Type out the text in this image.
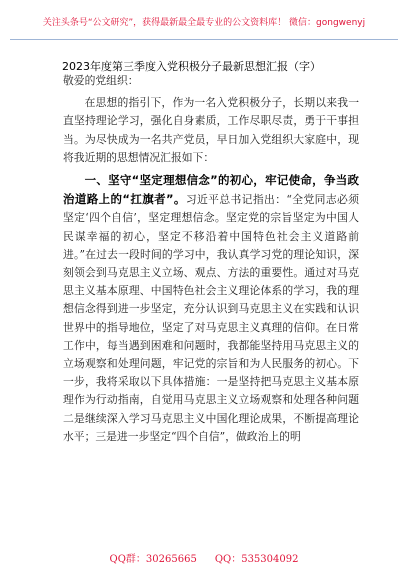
关注头条号“公文研究”，获得最新最全最专业的公文资料库！ 微信：gongwenyj
2023年度第三季度入党积极分子最新思想汇报（字）

敬爱的党组织：

在思想的指引下，作为一名入党积极分子，长期以来我一直坚持理论学习，强化自身素质，工作尽职尽责，勇于干事担当。为尽快成为一名共产党员，早日加入党组织大家庭中，现将我近期的思想情况汇报如下：

一、坚守“坚定理想信念”的初心，牢记使命，争当政治道路上的“扛旗者”。习近平总书记指出：“全党同志必须坚定‘四个自信’，坚定理想信念。坚定党的宗旨坚定为中国人民谋幸福的初心，坚定不移沿着中国特色社会主义道路前进。”在过去一段时间的学习中，我认真学习党的理论知识，深刻领会到马克思主义立场、观点、方法的重要性。通过对马克思主义基本原理、中国特色社会主义理论体系的学习，我的理想信念得到进一步坚定，充分认识到马克思主义在实践和认识世界中的指导地位，坚定了对马克思主义真理的信仰。在日常工作中，每当遇到困难和问题时，我都能坚持用马克思主义的立场观察和处理问题，牢记党的宗旨和为人民服务的初心。下一步，我将采取以下具体措施：一是坚持把马克思主义基本原理作为行动指南，自觉用马克思主义立场观察和处理各种问题二是继续深入学习马克思主义中国化理论成果，不断提高理论水平；三是进一步坚定“四个自信”，做政治上的明

QQ群：30265665 QQ：535304092
